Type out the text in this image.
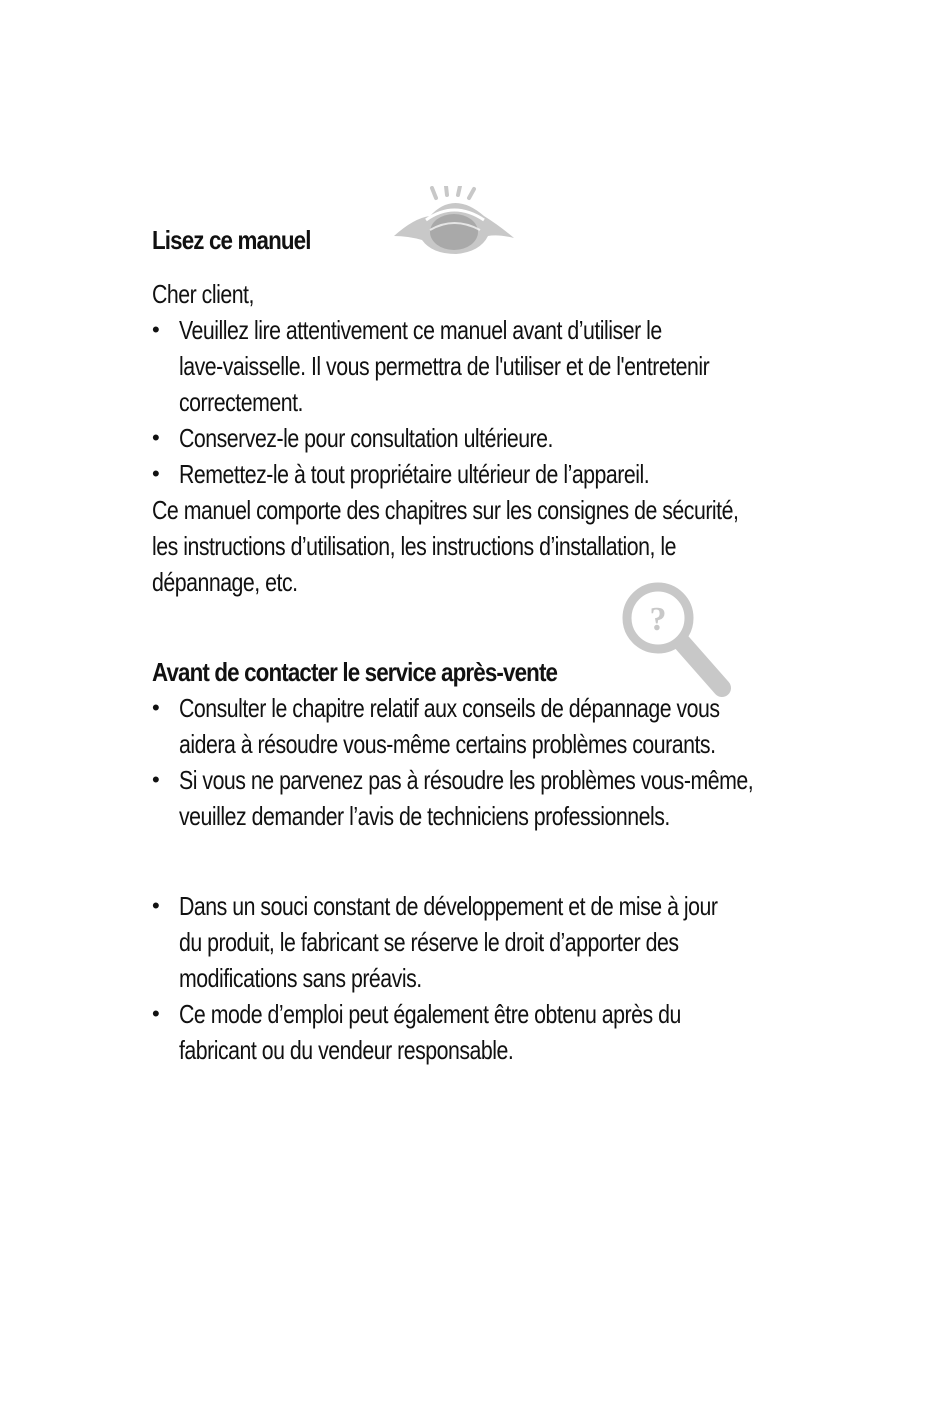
?
Lisez ce manuel
Cher client,
• Veuillez lire attentivement ce manuel avant d’utiliser le
lave-vaisselle. Il vous permettra de l'utiliser et de l'entretenir
correctement.
• Conservez-le pour consultation ultérieure.
• Remettez-le à tout propriétaire ultérieur de l’appareil.
Ce manuel comporte des chapitres sur les consignes de sécurité,
les instructions d’utilisation, les instructions d’installation, le
dépannage, etc.
Avant de contacter le service après-vente
• Consulter le chapitre relatif aux conseils de dépannage vous
aidera à résoudre vous-même certains problèmes courants.
• Si vous ne parvenez pas à résoudre les problèmes vous-même,
veuillez demander l’avis de techniciens professionnels.
• Dans un souci constant de développement et de mise à jour
du produit, le fabricant se réserve le droit d’apporter des
modifications sans préavis.
• Ce mode d’emploi peut également être obtenu après du
fabricant ou du vendeur responsable.
